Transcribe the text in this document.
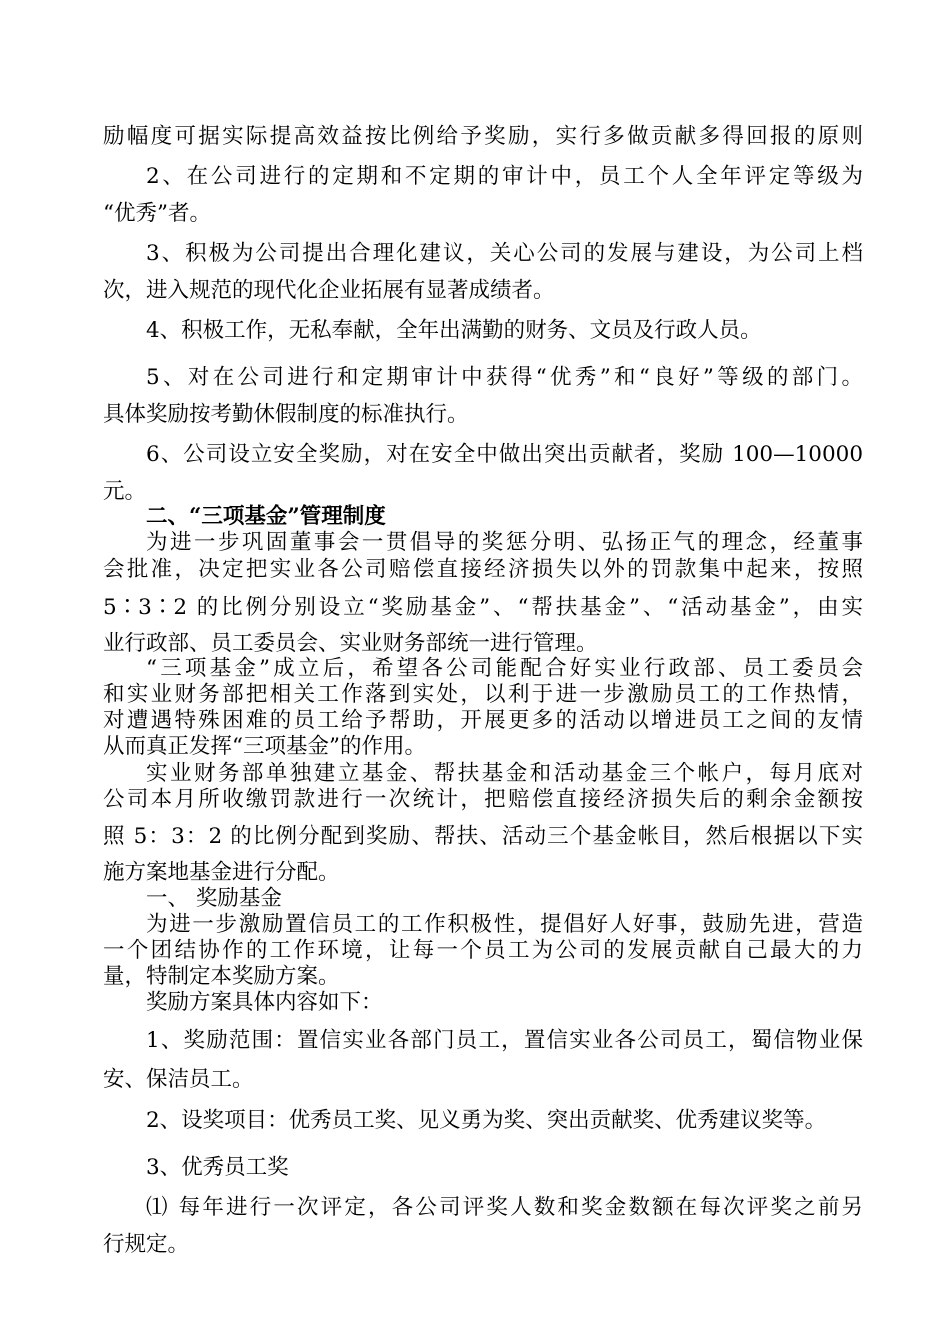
励幅度可据实际提高效益按比例给予奖励，实行多做贡献多得回报的原则
2、在公司进行的定期和不定期的审计中，员工个人全年评定等级为
“优秀”者。
3、积极为公司提出合理化建议，关心公司的发展与建设，为公司上档
次，进入规范的现代化企业拓展有显著成绩者。
4、积极工作，无私奉献，全年出满勤的财务、文员及行政人员。
5、对在公司进行和定期审计中获得“优秀”和“良好”等级的部门。
具体奖励按考勤休假制度的标准执行。
6、公司设立安全奖励，对在安全中做出突出贡献者，奖励 100—10000
元。
二、“三项基金”管理制度
为进一步巩固董事会一贯倡导的奖惩分明、弘扬正气的理念，经董事
会批准，决定把实业各公司赔偿直接经济损失以外的罚款集中起来，按照
5∶3∶2 的比例分别设立“奖励基金”、“帮扶基金”、“活动基金”，由实
业行政部、员工委员会、实业财务部统一进行管理。
“三项基金”成立后，希望各公司能配合好实业行政部、员工委员会
和实业财务部把相关工作落到实处，以利于进一步激励员工的工作热情，
对遭遇特殊困难的员工给予帮助，开展更多的活动以增进员工之间的友情
从而真正发挥“三项基金”的作用。
实业财务部单独建立基金、帮扶基金和活动基金三个帐户，每月底对
公司本月所收缴罚款进行一次统计，把赔偿直接经济损失后的剩余金额按
照 5：3：2 的比例分配到奖励、帮扶、活动三个基金帐目，然后根据以下实
施方案地基金进行分配。
一、 奖励基金
为进一步激励置信员工的工作积极性，提倡好人好事，鼓励先进，营造
一个团结协作的工作环境，让每一个员工为公司的发展贡献自己最大的力
量，特制定本奖励方案。
奖励方案具体内容如下：
1、奖励范围：置信实业各部门员工，置信实业各公司员工，蜀信物业保
安、保洁员工。
2、设奖项目：优秀员工奖、见义勇为奖、突出贡献奖、优秀建议奖等。
3、优秀员工奖
⑴ 每年进行一次评定，各公司评奖人数和奖金数额在每次评奖之前另
行规定。
